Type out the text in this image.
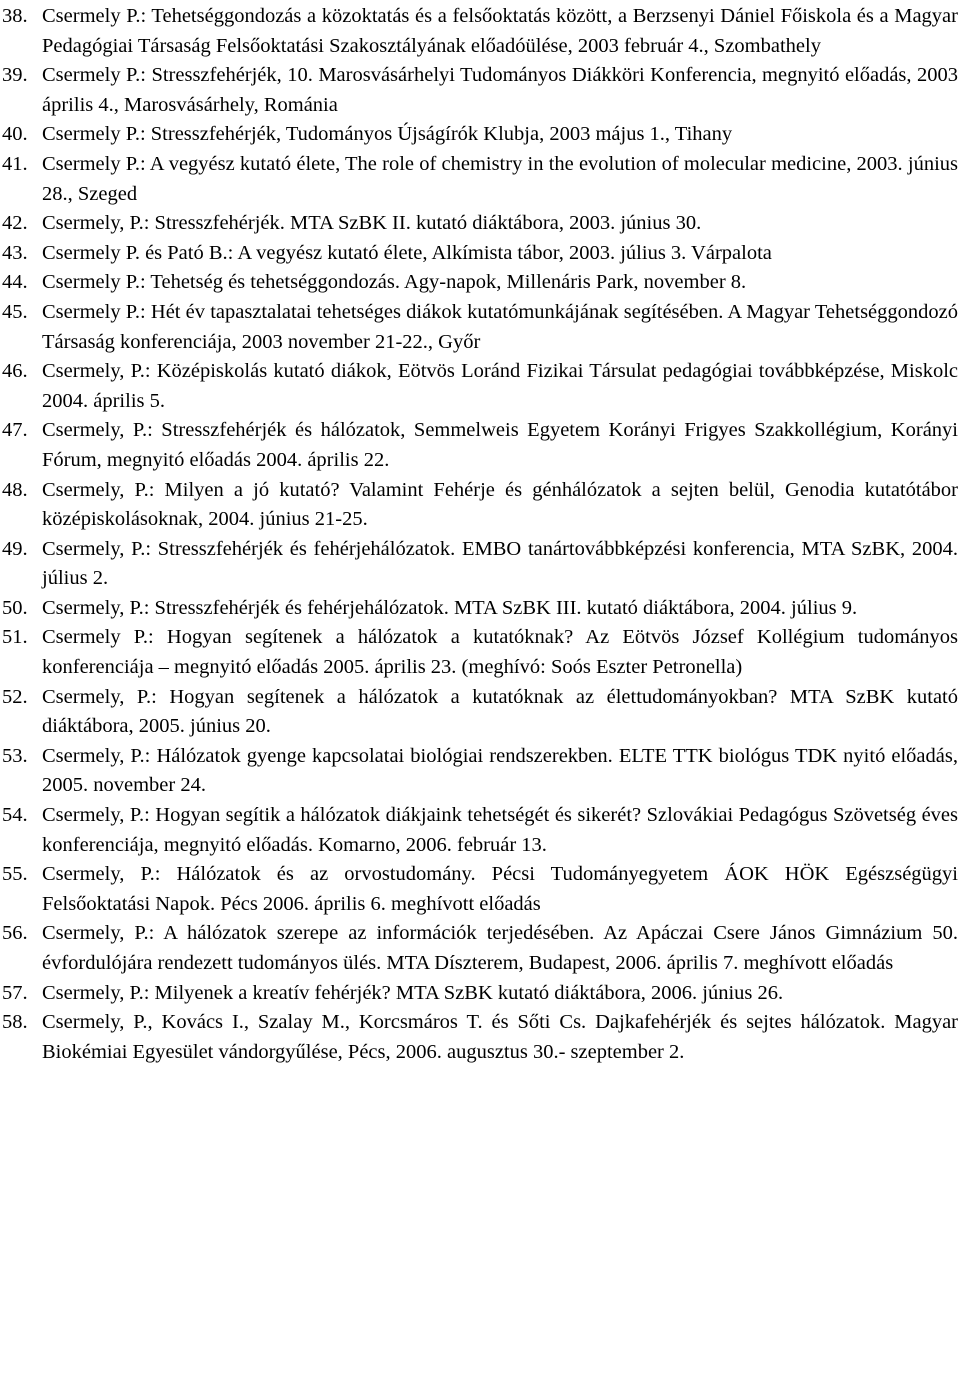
38. Csermely P.: Tehetséggondozás a közoktatás és a felsőoktatás között, a Berzsenyi Dániel Főiskola és a Magyar Pedagógiai Társaság Felsőoktatási Szakosztályának előadóülése, 2003 február 4., Szombathely
39. Csermely P.: Stresszfehérjék, 10. Marosvásárhelyi Tudományos Diákköri Konferencia, megnyitó előadás, 2003 április 4., Marosvásárhely, Románia
40. Csermely P.: Stresszfehérjék, Tudományos Újságírók Klubja, 2003 május 1., Tihany
41. Csermely P.: A vegyész kutató élete, The role of chemistry in the evolution of molecular medicine, 2003. június 28., Szeged
42. Csermely, P.: Stresszfehérjék. MTA SzBK II. kutató diáktábora, 2003. június 30.
43. Csermely P. és Pató B.: A vegyész kutató élete, Alkímista tábor, 2003. július 3. Várpalota
44. Csermely P.: Tehetség és tehetséggondozás. Agy-napok, Millenáris Park, november 8.
45. Csermely P.: Hét év tapasztalatai tehetséges diákok kutatómunkájának segítésében. A Magyar Tehetséggondozó Társaság konferenciája, 2003 november 21-22., Győr
46. Csermely, P.: Középiskolás kutató diákok, Eötvös Loránd Fizikai Társulat pedagógiai továbbképzése, Miskolc 2004. április 5.
47. Csermely, P.: Stresszfehérjék és hálózatok, Semmelweis Egyetem Korányi Frigyes Szakkollégium, Korányi Fórum, megnyitó előadás 2004. április 22.
48. Csermely, P.: Milyen a jó kutató? Valamint Fehérje és génhálózatok a sejten belül, Genodia kutatótábor középiskolásoknak, 2004. június 21-25.
49. Csermely, P.: Stresszfehérjék és fehérjehálózatok. EMBO tanártovábbképzési konferencia, MTA SzBK, 2004. július 2.
50. Csermely, P.: Stresszfehérjék és fehérjehálózatok. MTA SzBK III. kutató diáktábora, 2004. július 9.
51. Csermely P.: Hogyan segítenek a hálózatok a kutatóknak? Az Eötvös József Kollégium tudományos konferenciája – megnyitó előadás 2005. április 23. (meghívó: Soós Eszter Petronella)
52. Csermely, P.: Hogyan segítenek a hálózatok a kutatóknak az élettudományokban? MTA SzBK kutató diáktábora, 2005. június 20.
53. Csermely, P.: Hálózatok gyenge kapcsolatai biológiai rendszerekben. ELTE TTK biológus TDK nyitó előadás, 2005. november 24.
54. Csermely, P.: Hogyan segítik a hálózatok diákjaink tehetségét és sikerét? Szlovákiai Pedagógus Szövetség éves konferenciája, megnyitó előadás. Komarno, 2006. február 13.
55. Csermely, P.: Hálózatok és az orvostudomány. Pécsi Tudományegyetem ÁOK HÖK Egészségügyi Felsőoktatási Napok. Pécs 2006. április 6. meghívott előadás
56. Csermely, P.: A hálózatok szerepe az információk terjedésében. Az Apáczai Csere János Gimnázium 50. évfordulójára rendezett tudományos ülés. MTA Díszterem, Budapest, 2006. április 7. meghívott előadás
57. Csermely, P.: Milyenek a kreatív fehérjék? MTA SzBK kutató diáktábora, 2006. június 26.
58. Csermely, P., Kovács I., Szalay M., Korcsmáros T. és Sőti Cs. Dajkafehérjék és sejtes hálózatok. Magyar Biokémiai Egyesület vándorgyűlése, Pécs, 2006. augusztus 30.- szeptember 2.
